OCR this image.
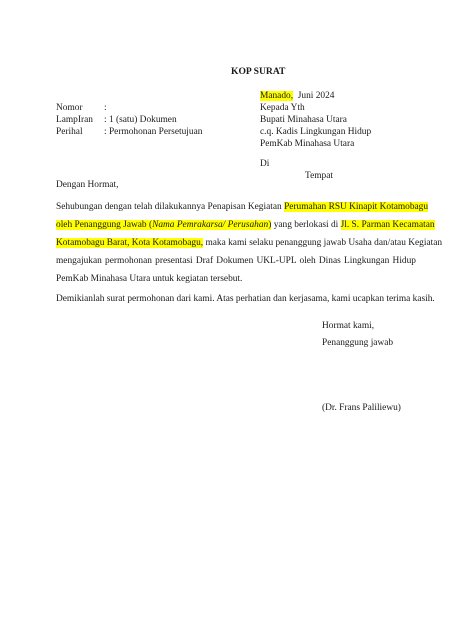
KOP SURAT
Manado, Juni 2024
Nomor :
LampIran : 1 (satu) Dokumen
Perihal : Permohonan Persetujuan
Kepada Yth
Bupati Minahasa Utara
c.q. Kadis Lingkungan Hidup
PemKab Minahasa Utara
Di
Tempat
Dengan Hormat,
Sehubungan dengan telah dilakukannya Penapisan Kegiatan Perumahan RSU Kinapit Kotamobagu
oleh Penanggung Jawab (Nama Pemrakarsa/ Perusahan) yang berlokasi di Jl. S. Parman Kecamatan
Kotamobagu Barat, Kota Kotamobagu, maka kami selaku penanggung jawab Usaha dan/atau Kegiatan
mengajukan permohonan presentasi Draf Dokumen UKL-UPL oleh Dinas Lingkungan Hidup
PemKab Minahasa Utara untuk kegiatan tersebut.
Demikianlah surat permohonan dari kami. Atas perhatian dan kerjasama, kami ucapkan terima kasih.
Hormat kami,
Penanggung jawab
(Dr. Frans Paliliewu)
